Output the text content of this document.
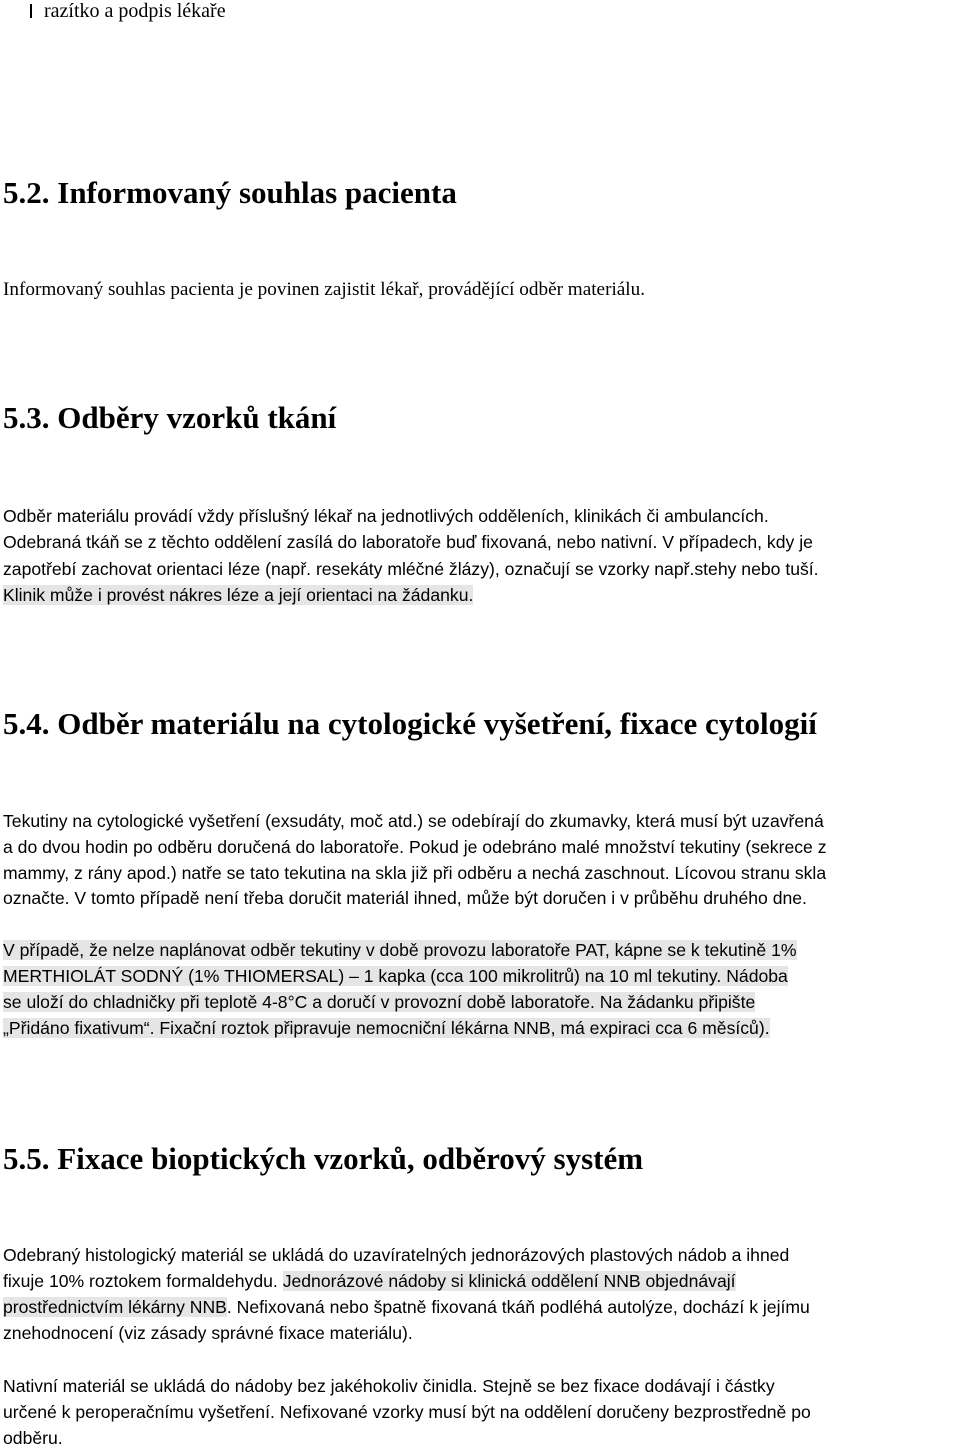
razítko a podpis lékaře
5.2. Informovaný souhlas pacienta
Informovaný souhlas pacienta je povinen zajistit lékař, provádějící odběr materiálu.
5.3. Odběry vzorků tkání
Odběr materiálu provádí vždy příslušný lékař na jednotlivých odděleních, klinikách či ambulancích.
Odebraná tkáň se z těchto oddělení zasílá do laboratoře buď fixovaná, nebo nativní. V případech, kdy je
zapotřebí zachovat orientaci léze (např. resekáty mléčné žlázy), označují se vzorky např.stehy nebo tuší.
Klinik může i provést nákres léze a její orientaci na žádanku.
5.4. Odběr materiálu na cytologické vyšetření, fixace cytologií
Tekutiny na cytologické vyšetření (exsudáty, moč atd.) se odebírají do zkumavky, která musí být uzavřená
a do dvou hodin po odběru doručená do laboratoře. Pokud je odebráno malé množství tekutiny (sekrece z
mammy, z rány apod.) natře se tato tekutina na skla již při odběru a nechá zaschnout. Lícovou stranu skla
označte. V tomto případě není třeba doručit materiál ihned, může být doručen i v průběhu druhého dne.
V případě, že nelze naplánovat odběr tekutiny v době provozu laboratoře PAT, kápne se k tekutině 1%
MERTHIOLÁT SODNÝ (1% THIOMERSAL) – 1 kapka (cca 100 mikrolitrů) na 10 ml tekutiny. Nádoba
se uloží do chladničky při teplotě 4-8°C a doručí v provozní době laboratoře. Na žádanku připište
„Přidáno fixativum“. Fixační roztok připravuje nemocniční lékárna NNB, má expiraci cca 6 měsíců).
5.5. Fixace bioptických vzorků, odběrový systém
Odebraný histologický materiál se ukládá do uzavíratelných jednorázových plastových nádob a ihned
fixuje 10% roztokem formaldehydu. Jednorázové nádoby si klinická oddělení NNB objednávají
prostřednictvím lékárny NNB. Nefixovaná nebo špatně fixovaná tkáň podléhá autolýze, dochází k jejímu
znehodnocení (viz zásady správné fixace materiálu).
Nativní materiál se ukládá do nádoby bez jakéhokoliv činidla. Stejně se bez fixace dodávají i částky
určené k peroperačnímu vyšetření. Nefixované vzorky musí být na oddělení doručeny bezprostředně po
odběru.
